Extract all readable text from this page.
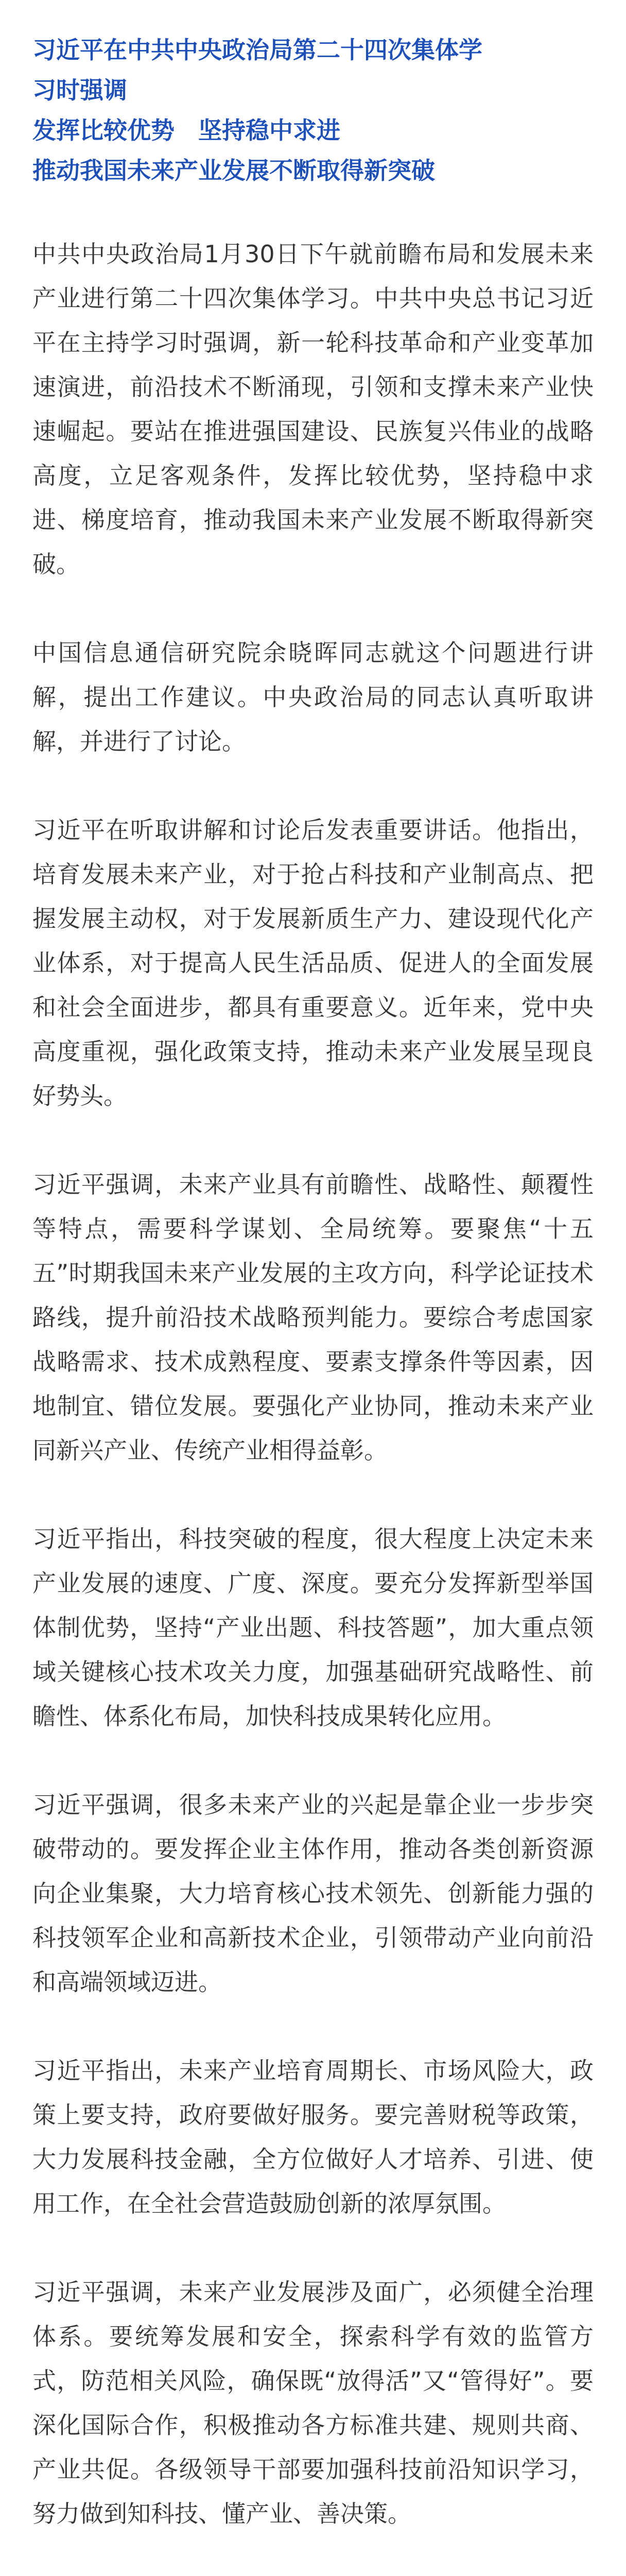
习近平在中共中央政治局第二十四次集体学
习时强调
发挥比较优势　坚持稳中求进
推动我国未来产业发展不断取得新突破

中共中央政治局1月30日下午就前瞻布局和发展未来产业进行第二十四次集体学习。中共中央总书记习近平在主持学习时强调，新一轮科技革命和产业变革加速演进，前沿技术不断涌现，引领和支撑未来产业快速崛起。要站在推进强国建设、民族复兴伟业的战略高度，立足客观条件，发挥比较优势，坚持稳中求进、梯度培育，推动我国未来产业发展不断取得新突破。

中国信息通信研究院余晓晖同志就这个问题进行讲解，提出工作建议。中央政治局的同志认真听取讲解，并进行了讨论。

习近平在听取讲解和讨论后发表重要讲话。他指出，培育发展未来产业，对于抢占科技和产业制高点、把握发展主动权，对于发展新质生产力、建设现代化产业体系，对于提高人民生活品质、促进人的全面发展和社会全面进步，都具有重要意义。近年来，党中央高度重视，强化政策支持，推动未来产业发展呈现良好势头。

习近平强调，未来产业具有前瞻性、战略性、颠覆性等特点，需要科学谋划、全局统筹。要聚焦“十五五”时期我国未来产业发展的主攻方向，科学论证技术路线，提升前沿技术战略预判能力。要综合考虑国家战略需求、技术成熟程度、要素支撑条件等因素，因地制宜、错位发展。要强化产业协同，推动未来产业同新兴产业、传统产业相得益彰。

习近平指出，科技突破的程度，很大程度上决定未来产业发展的速度、广度、深度。要充分发挥新型举国体制优势，坚持“产业出题、科技答题”，加大重点领域关键核心技术攻关力度，加强基础研究战略性、前瞻性、体系化布局，加快科技成果转化应用。

习近平强调，很多未来产业的兴起是靠企业一步步突破带动的。要发挥企业主体作用，推动各类创新资源向企业集聚，大力培育核心技术领先、创新能力强的科技领军企业和高新技术企业，引领带动产业向前沿和高端领域迈进。

习近平指出，未来产业培育周期长、市场风险大，政策上要支持，政府要做好服务。要完善财税等政策，大力发展科技金融，全方位做好人才培养、引进、使用工作，在全社会营造鼓励创新的浓厚氛围。

习近平强调，未来产业发展涉及面广，必须健全治理体系。要统筹发展和安全，探索科学有效的监管方式，防范相关风险，确保既“放得活”又“管得好”。要深化国际合作，积极推动各方标准共建、规则共商、产业共促。各级领导干部要加强科技前沿知识学习，努力做到知科技、懂产业、善决策。
